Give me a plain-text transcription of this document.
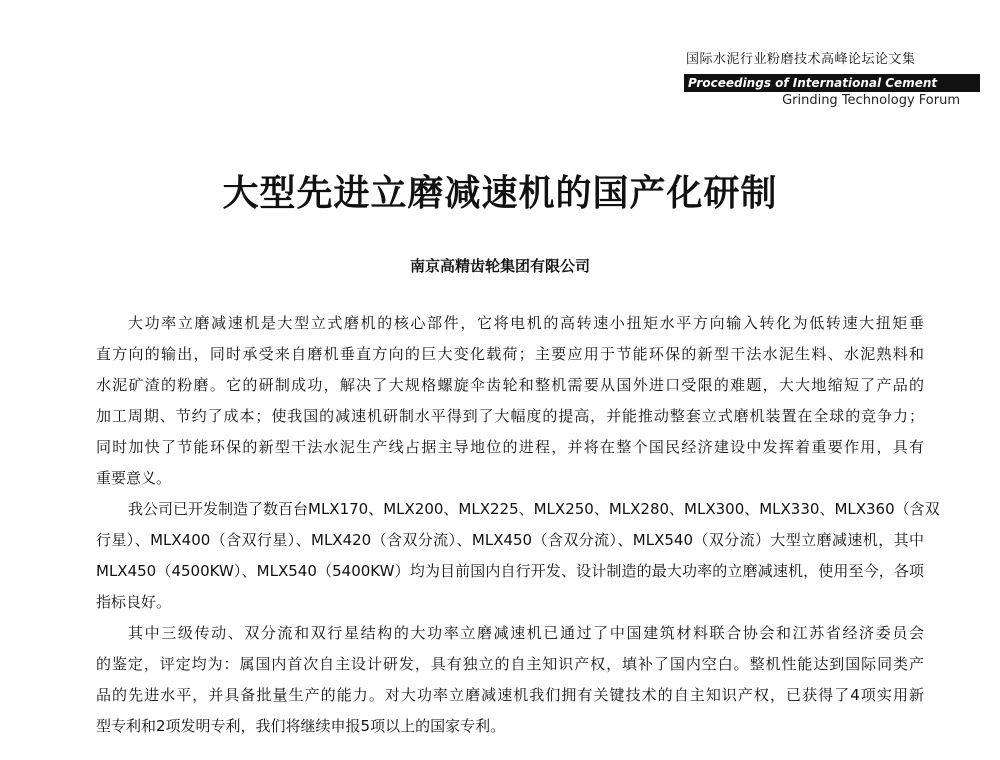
国际水泥行业粉磨技术高峰论坛论文集
Proceedings of International Cement
Grinding Technology Forum
大型先进立磨减速机的国产化研制
南京高精齿轮集团有限公司

大功率立磨减速机是大型立式磨机的核心部件，它将电机的高转速小扭矩水平方向输入转化为低转速大扭矩垂
直方向的输出，同时承受来自磨机垂直方向的巨大变化载荷；主要应用于节能环保的新型干法水泥生料、水泥熟料和
水泥矿渣的粉磨。它的研制成功，解决了大规格螺旋伞齿轮和整机需要从国外进口受限的难题，大大地缩短了产品的
加工周期、节约了成本；使我国的减速机研制水平得到了大幅度的提高，并能推动整套立式磨机装置在全球的竞争力；
同时加快了节能环保的新型干法水泥生产线占据主导地位的进程，并将在整个国民经济建设中发挥着重要作用，具有
重要意义。

我公司已开发制造了数百台MLX170、MLX200、MLX225、MLX250、MLX280、MLX300、MLX330、MLX360（含双
行星）、MLX400（含双行星）、MLX420（含双分流）、MLX450（含双分流）、MLX540（双分流）大型立磨减速机，其中
MLX450（4500KW）、MLX540（5400KW）均为目前国内自行开发、设计制造的最大功率的立磨减速机，使用至今，各项
指标良好。

其中三级传动、双分流和双行星结构的大功率立磨减速机已通过了中国建筑材料联合协会和江苏省经济委员会
的鉴定，评定均为：属国内首次自主设计研发，具有独立的自主知识产权，填补了国内空白。整机性能达到国际同类产
品的先进水平，并具备批量生产的能力。对大功率立磨减速机我们拥有关键技术的自主知识产权，已获得了4项实用新
型专利和2项发明专利，我们将继续申报5项以上的国家专利。
